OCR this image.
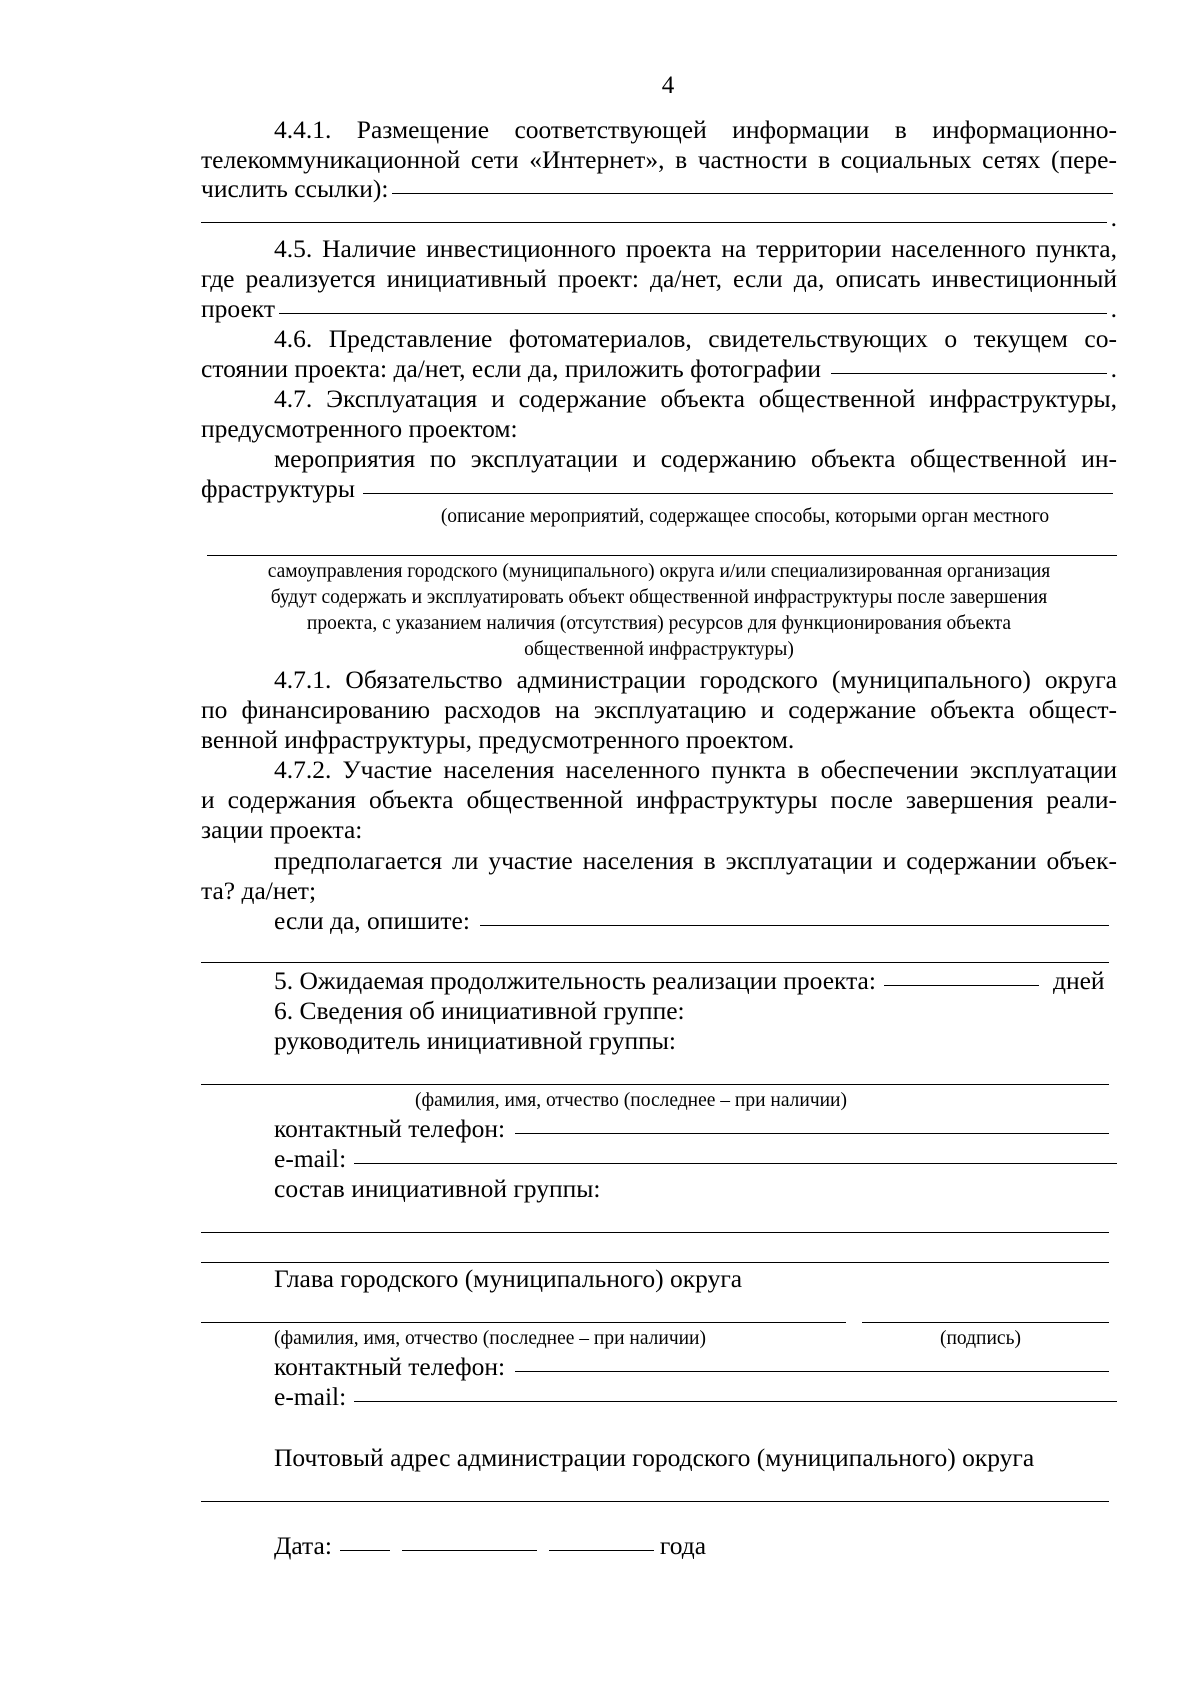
4
4.4.1. Размещение соответствующей информации в информационно-
телекоммуникационной сети «Интернет», в частности в социальных сетях (пере-
числить ссылки):
.
4.5. Наличие инвестиционного проекта на территории населенного пункта,
где реализуется инициативный проект: да/нет, если да, описать инвестиционный
проект	.
4.6. Представление фотоматериалов, свидетельствующих о текущем со-
стоянии проекта: да/нет, если да, приложить фотографии	.
4.7. Эксплуатация и содержание объекта общественной инфраструктуры,
предусмотренного проектом:
мероприятия по эксплуатации и содержанию объекта общественной ин-
фраструктуры
(описание мероприятий, содержащее способы, которыми орган местного
самоуправления городского (муниципального) округа и/или специализированная организация
будут содержать и эксплуатировать объект общественной инфраструктуры после завершения
проекта, с указанием наличия (отсутствия) ресурсов для функционирования объекта
общественной инфраструктуры)
4.7.1. Обязательство администрации городского (муниципального) округа
по финансированию расходов на эксплуатацию и содержание объекта общест-
венной инфраструктуры, предусмотренного проектом.
4.7.2. Участие населения населенного пункта в обеспечении эксплуатации
и содержания объекта общественной инфраструктуры после завершения реали-
зации проекта:
предполагается ли участие населения в эксплуатации и содержании объек-
та? да/нет;
если да, опишите:
5. Ожидаемая продолжительность реализации проекта:	дней
6. Сведения об инициативной группе:
руководитель инициативной группы:
(фамилия, имя, отчество (последнее – при наличии)
контактный телефон:
e-mail:
состав инициативной группы:
Глава городского (муниципального) округа
(фамилия, имя, отчество (последнее – при наличии)	(подпись)
контактный телефон:
e-mail:
Почтовый адрес администрации городского (муниципального) округа
Дата:	года
